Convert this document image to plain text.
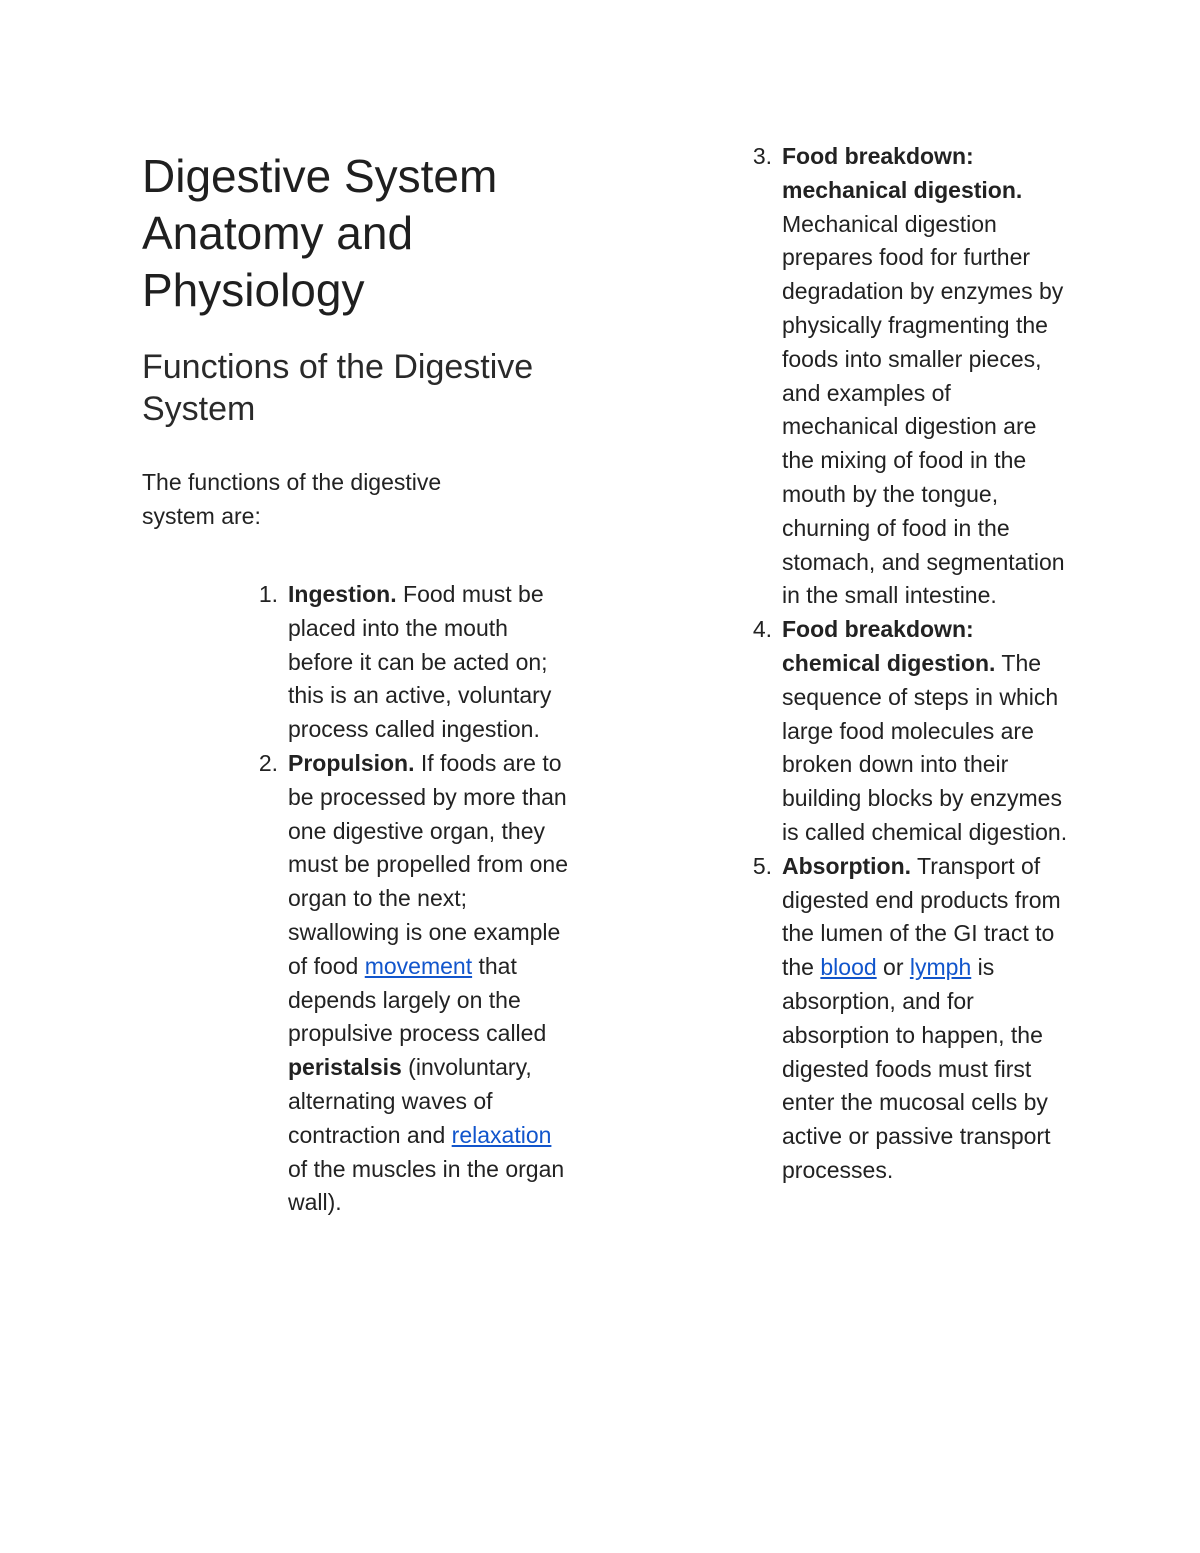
Digestive System Anatomy and Physiology
Functions of the Digestive System

The functions of the digestive system are:

1. Ingestion. Food must be placed into the mouth before it can be acted on; this is an active, voluntary process called ingestion.
2. Propulsion. If foods are to be processed by more than one digestive organ, they must be propelled from one organ to the next; swallowing is one example of food movement that depends largely on the propulsive process called peristalsis (involuntary, alternating waves of contraction and relaxation of the muscles in the organ wall).
3. Food breakdown: mechanical digestion. Mechanical digestion prepares food for further degradation by enzymes by physically fragmenting the foods into smaller pieces, and examples of mechanical digestion are the mixing of food in the mouth by the tongue, churning of food in the stomach, and segmentation in the small intestine.
4. Food breakdown: chemical digestion. The sequence of steps in which large food molecules are broken down into their building blocks by enzymes is called chemical digestion.
5. Absorption. Transport of digested end products from the lumen of the GI tract to the blood or lymph is absorption, and for absorption to happen, the digested foods must first enter the mucosal cells by active or passive transport processes.
